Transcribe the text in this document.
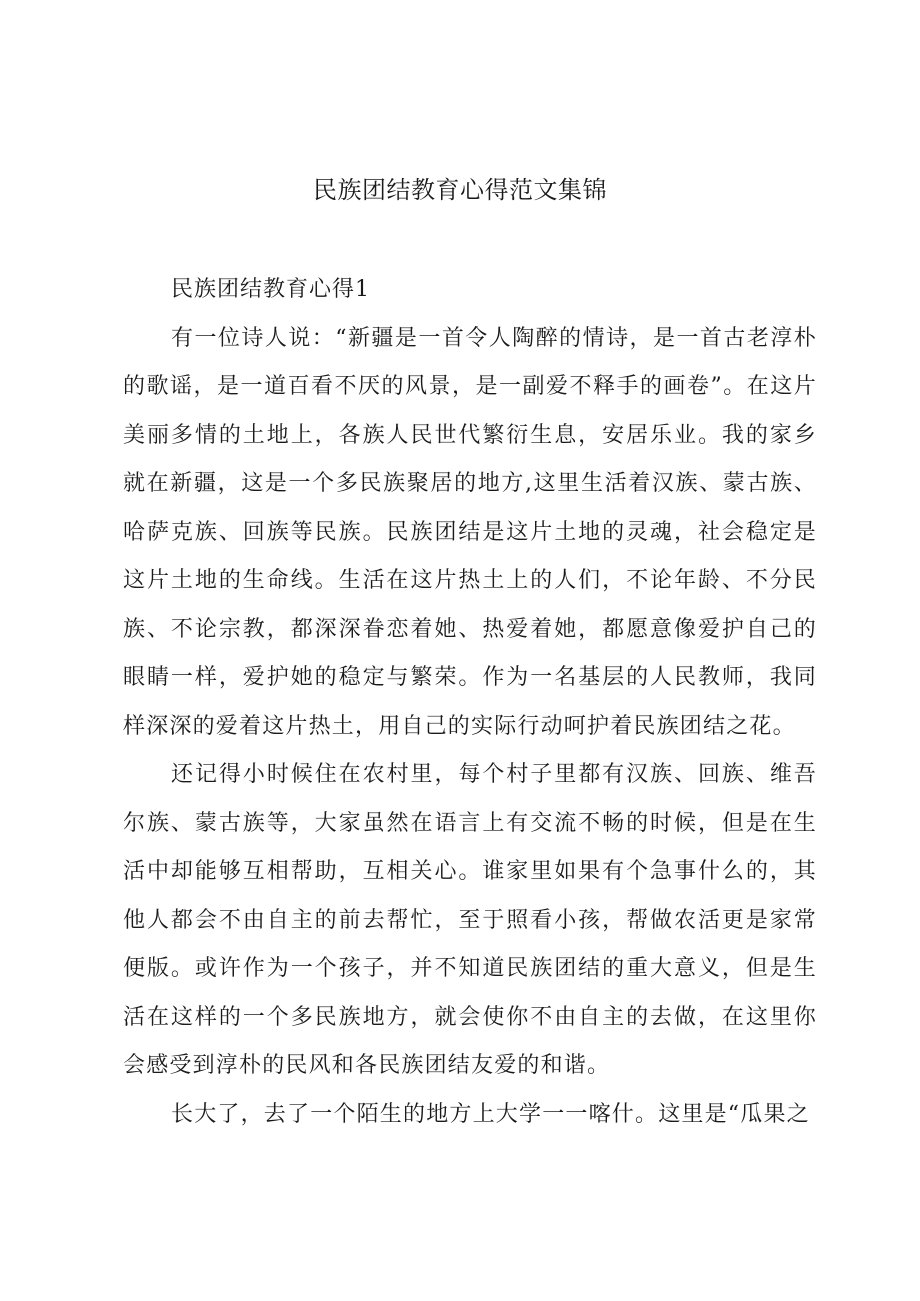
民族团结教育心得范文集锦

民族团结教育心得1

有一位诗人说：“新疆是一首令人陶醉的情诗，是一首古老淳朴的歌谣，是一道百看不厌的风景，是一副爱不释手的画卷”。在这片美丽多情的土地上，各族人民世代繁衍生息，安居乐业。我的家乡就在新疆，这是一个多民族聚居的地方,这里生活着汉族、蒙古族、哈萨克族、回族等民族。民族团结是这片土地的灵魂，社会稳定是这片土地的生命线。生活在这片热土上的人们，不论年龄、不分民族、不论宗教，都深深眷恋着她、热爱着她，都愿意像爱护自己的眼睛一样，爱护她的稳定与繁荣。作为一名基层的人民教师，我同样深深的爱着这片热土，用自己的实际行动呵护着民族团结之花。

还记得小时候住在农村里，每个村子里都有汉族、回族、维吾尔族、蒙古族等，大家虽然在语言上有交流不畅的时候，但是在生活中却能够互相帮助，互相关心。谁家里如果有个急事什么的，其他人都会不由自主的前去帮忙，至于照看小孩，帮做农活更是家常便版。或许作为一个孩子，并不知道民族团结的重大意义，但是生活在这样的一个多民族地方，就会使你不由自主的去做，在这里你会感受到淳朴的民风和各民族团结友爱的和谐。

长大了，去了一个陌生的地方上大学一一喀什。这里是“瓜果之
